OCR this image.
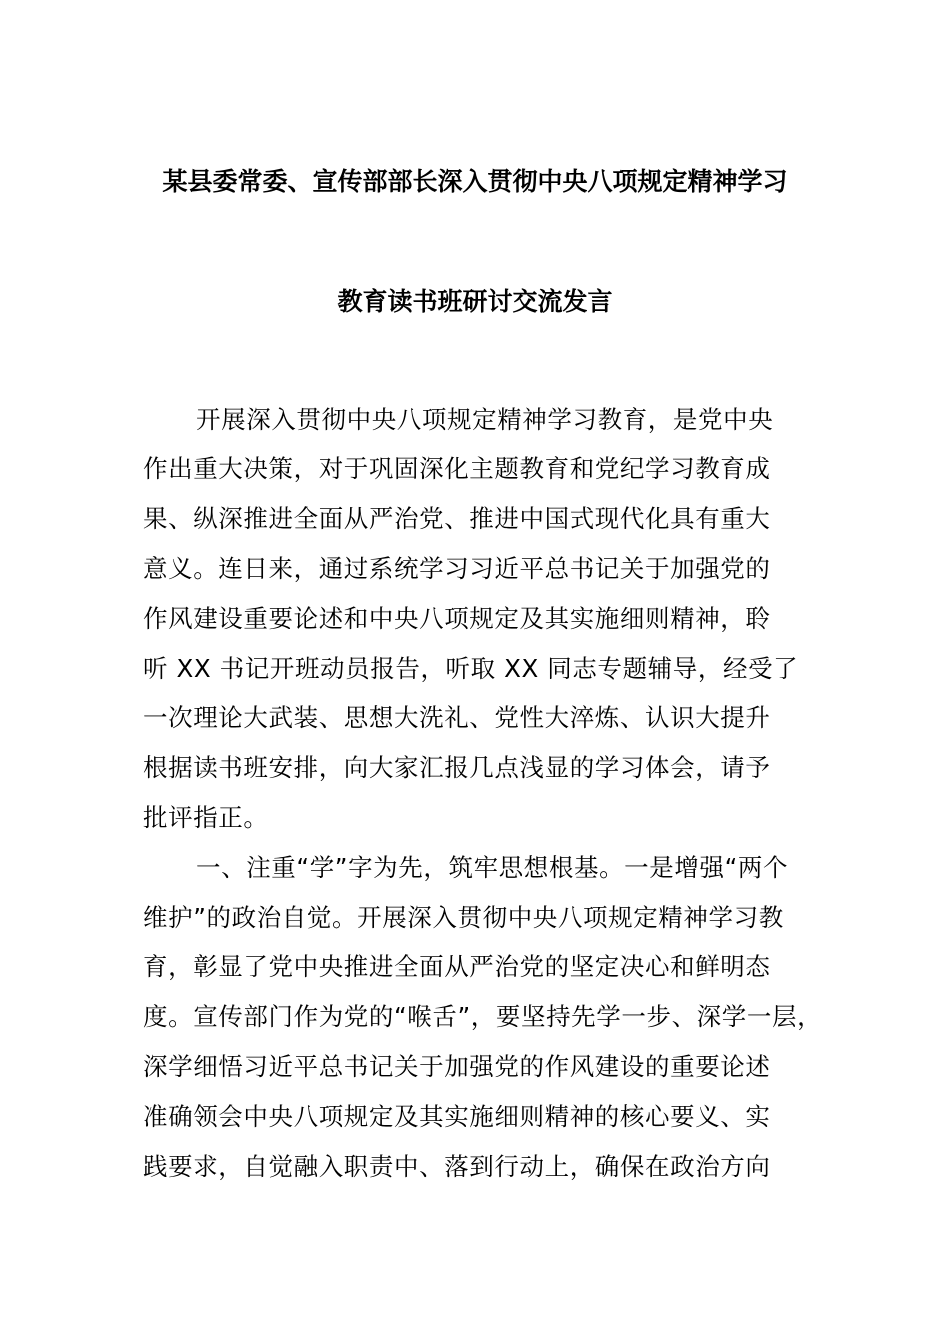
某县委常委、宣传部部长深入贯彻中央八项规定精神学习
教育读书班研讨交流发言
开展深入贯彻中央八项规定精神学习教育，是党中央
作出重大决策，对于巩固深化主题教育和党纪学习教育成
果、纵深推进全面从严治党、推进中国式现代化具有重大
意义。连日来，通过系统学习习近平总书记关于加强党的
作风建设重要论述和中央八项规定及其实施细则精神，聆
听 XX 书记开班动员报告，听取 XX 同志专题辅导，经受了
一次理论大武装、思想大洗礼、党性大淬炼、认识大提升
根据读书班安排，向大家汇报几点浅显的学习体会，请予
批评指正。
一、注重“学”字为先，筑牢思想根基。一是增强“两个
维护”的政治自觉。开展深入贯彻中央八项规定精神学习教
育，彰显了党中央推进全面从严治党的坚定决心和鲜明态
度。宣传部门作为党的“喉舌”，要坚持先学一步、深学一层，
深学细悟习近平总书记关于加强党的作风建设的重要论述
准确领会中央八项规定及其实施细则精神的核心要义、实
践要求，自觉融入职责中、落到行动上，确保在政治方向
